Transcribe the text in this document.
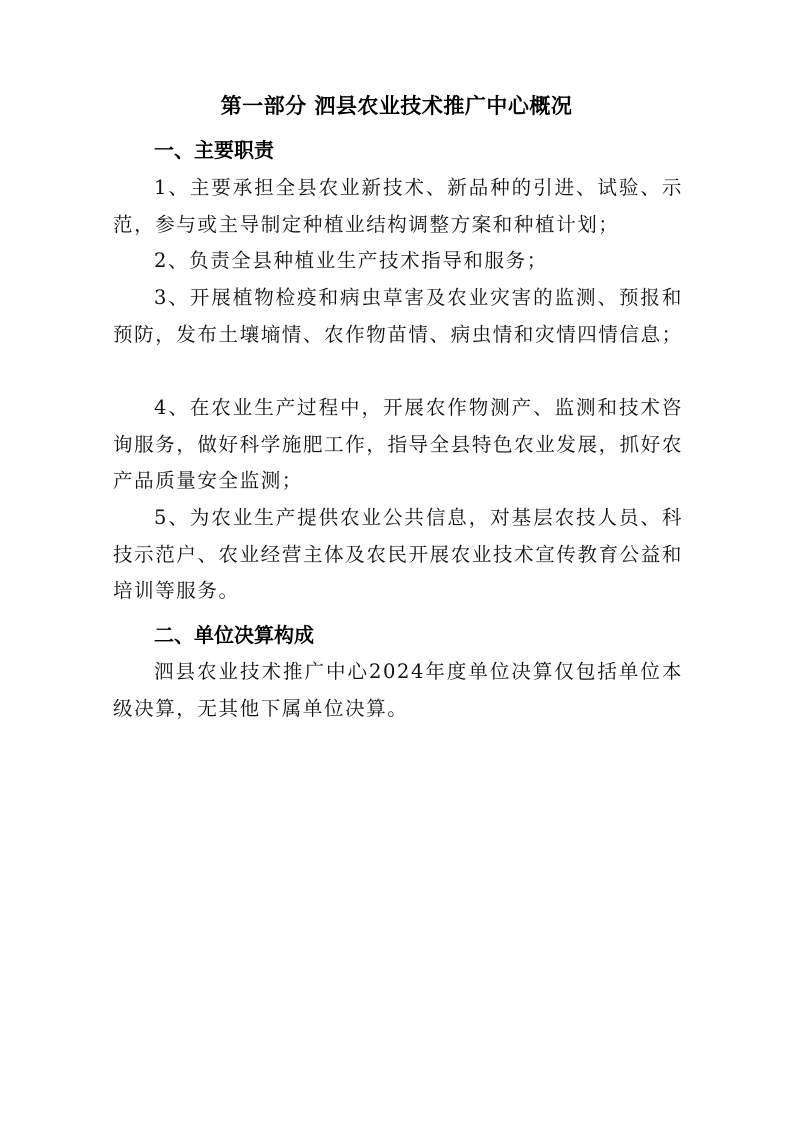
第一部分 泗县农业技术推广中心概况
一、主要职责

1、主要承担全县农业新技术、新品种的引进、试验、示范，参与或主导制定种植业结构调整方案和种植计划；

2、负责全县种植业生产技术指导和服务；

3、开展植物检疫和病虫草害及农业灾害的监测、预报和预防，发布土壤墒情、农作物苗情、病虫情和灾情四情信息；

4、在农业生产过程中，开展农作物测产、监测和技术咨询服务，做好科学施肥工作，指导全县特色农业发展，抓好农产品质量安全监测；

5、为农业生产提供农业公共信息，对基层农技人员、科技示范户、农业经营主体及农民开展农业技术宣传教育公益和培训等服务。

二、单位决算构成

泗县农业技术推广中心2024年度单位决算仅包括单位本级决算，无其他下属单位决算。
